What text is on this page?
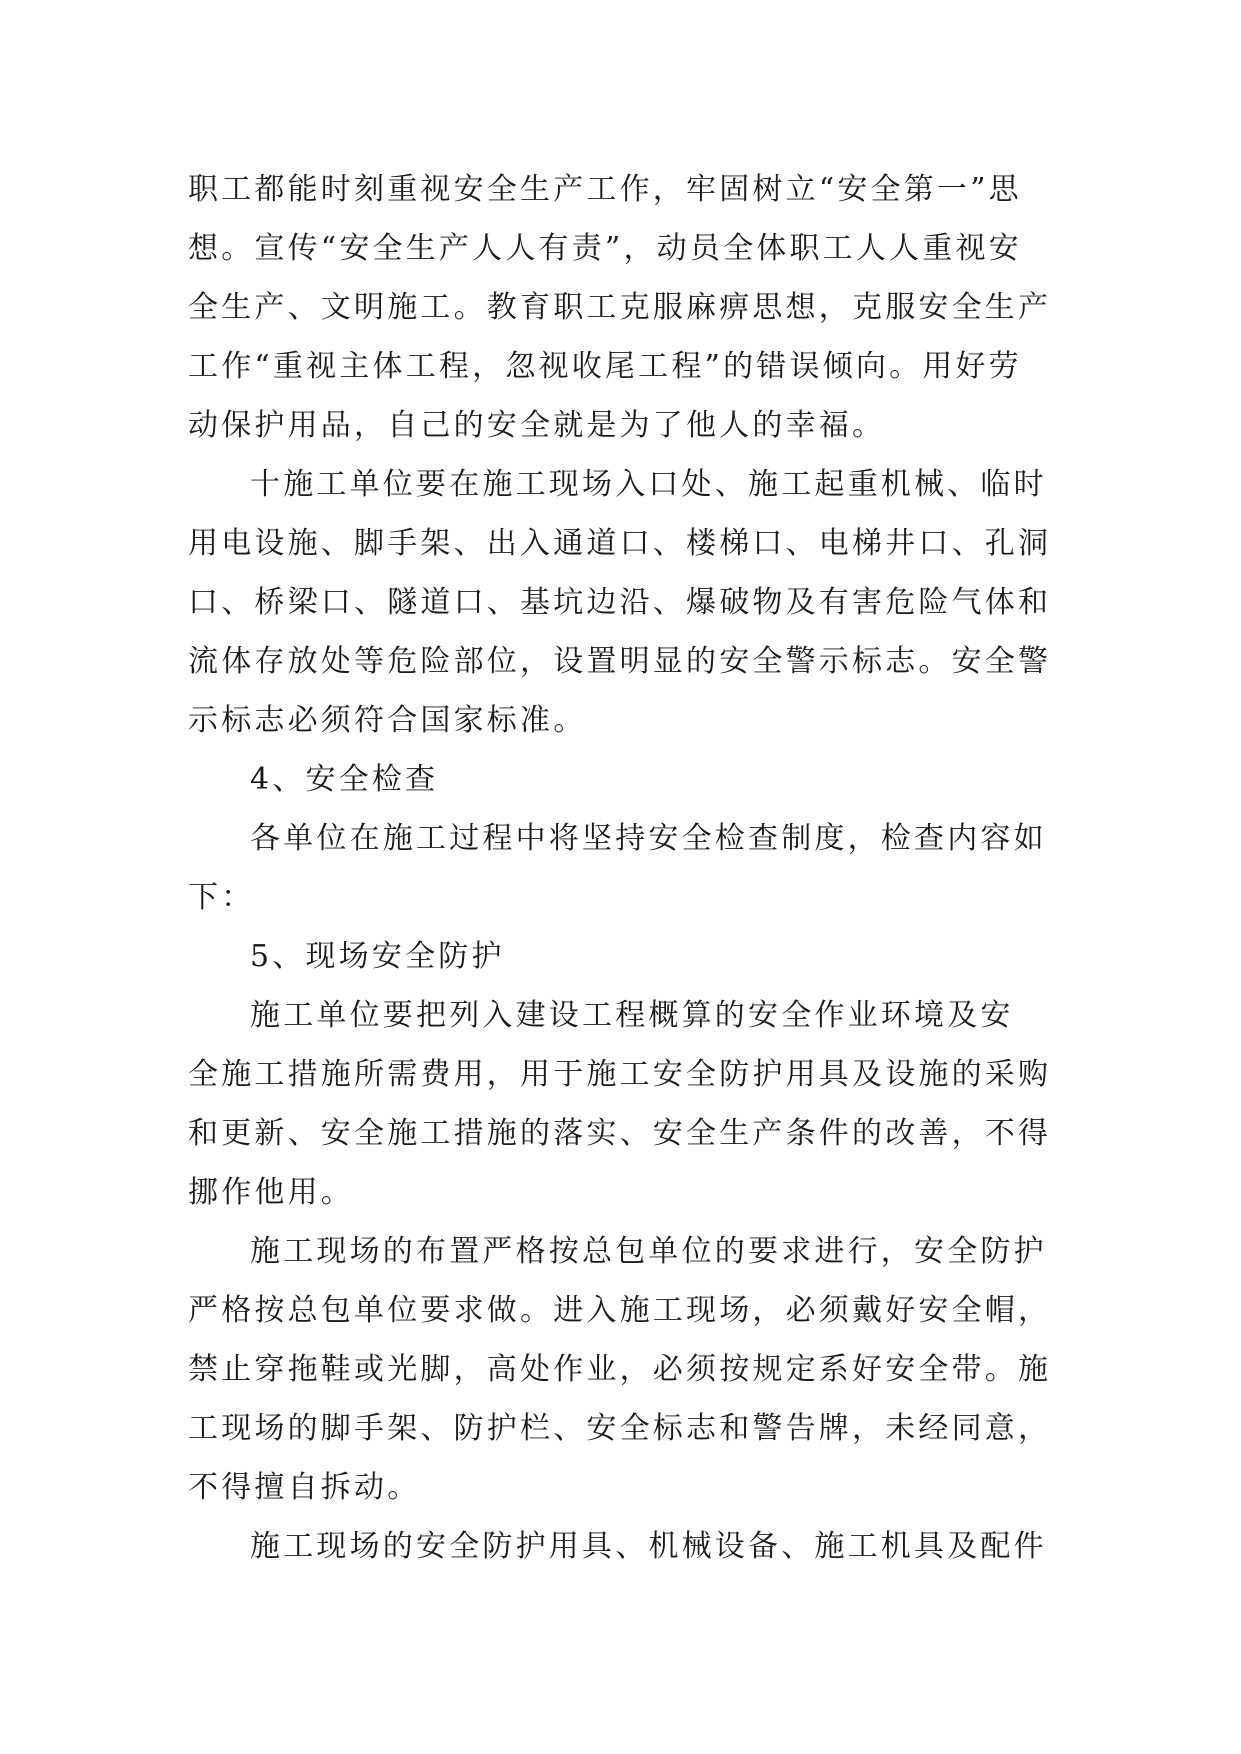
职工都能时刻重视安全生产工作，牢固树立“安全第一”思
想。宣传“安全生产人人有责”，动员全体职工人人重视安
全生产、文明施工。教育职工克服麻痹思想，克服安全生产
工作“重视主体工程，忽视收尾工程”的错误倾向。用好劳
动保护用品，自己的安全就是为了他人的幸福。
十施工单位要在施工现场入口处、施工起重机械、临时
用电设施、脚手架、出入通道口、楼梯口、电梯井口、孔洞
口、桥梁口、隧道口、基坑边沿、爆破物及有害危险气体和
流体存放处等危险部位，设置明显的安全警示标志。安全警
示标志必须符合国家标准。
4、安全检查
各单位在施工过程中将坚持安全检查制度，检查内容如
下：
5、现场安全防护
施工单位要把列入建设工程概算的安全作业环境及安
全施工措施所需费用，用于施工安全防护用具及设施的采购
和更新、安全施工措施的落实、安全生产条件的改善，不得
挪作他用。
施工现场的布置严格按总包单位的要求进行，安全防护
严格按总包单位要求做。进入施工现场，必须戴好安全帽，
禁止穿拖鞋或光脚，高处作业，必须按规定系好安全带。施
工现场的脚手架、防护栏、安全标志和警告牌，未经同意，
不得擅自拆动。
施工现场的安全防护用具、机械设备、施工机具及配件
